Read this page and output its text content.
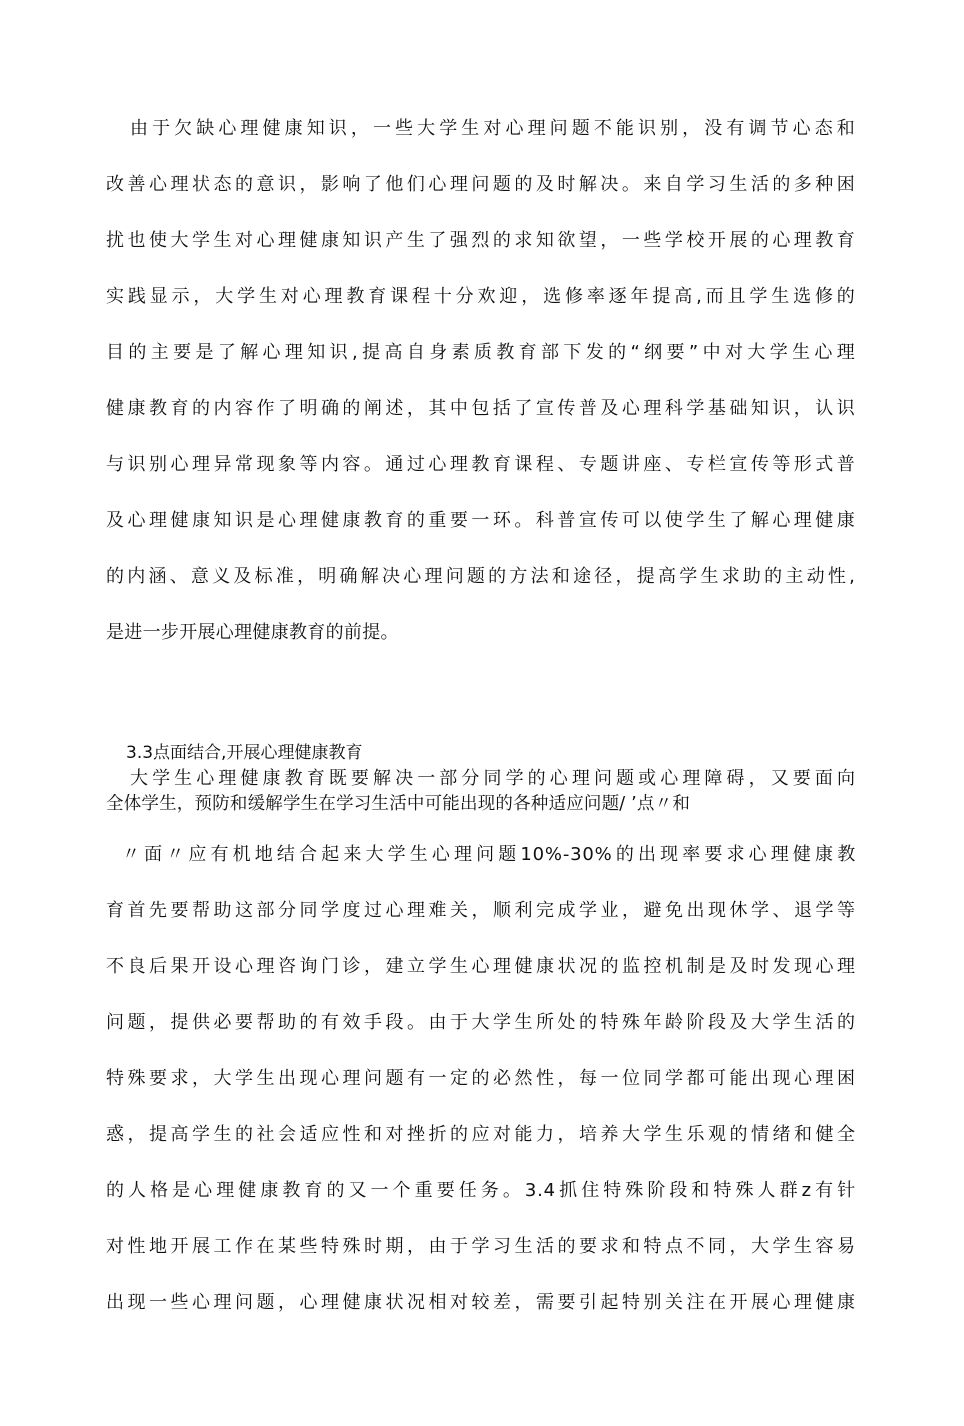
由于欠缺心理健康知识，一些大学生对心理问题不能识别，没有调节心态和
改善心理状态的意识，影响了他们心理问题的及时解决。来自学习生活的多种困
扰也使大学生对心理健康知识产生了强烈的求知欲望，一些学校开展的心理教育
实践显示，大学生对心理教育课程十分欢迎，选修率逐年提高,而且学生选修的
目的主要是了解心理知识,提高自身素质教育部下发的“纲要”中对大学生心理
健康教育的内容作了明确的阐述，其中包括了宣传普及心理科学基础知识，认识
与识别心理异常现象等内容。通过心理教育课程、专题讲座、专栏宣传等形式普
及心理健康知识是心理健康教育的重要一环。科普宣传可以使学生了解心理健康
的内涵、意义及标准，明确解决心理问题的方法和途径，提高学生求助的主动性,
是进一步开展心理健康教育的前提。
3.3点面结合,开展心理健康教育
大学生心理健康教育既要解决一部分同学的心理问题或心理障碍，又要面向
全体学生，预防和缓解学生在学习生活中可能出现的各种适应问题/ ’点〃和
〃面〃应有机地结合起来大学生心理问题10%-30%的出现率要求心理健康教
育首先要帮助这部分同学度过心理难关，顺利完成学业，避免出现休学、退学等
不良后果开设心理咨询门诊，建立学生心理健康状况的监控机制是及时发现心理
问题，提供必要帮助的有效手段。由于大学生所处的特殊年龄阶段及大学生活的
特殊要求，大学生出现心理问题有一定的必然性，每一位同学都可能出现心理困
惑，提高学生的社会适应性和对挫折的应对能力，培养大学生乐观的情绪和健全
的人格是心理健康教育的又一个重要任务。3.4抓住特殊阶段和特殊人群z有针
对性地开展工作在某些特殊时期，由于学习生活的要求和特点不同，大学生容易
出现一些心理问题，心理健康状况相对较差，需要引起特别关注在开展心理健康
